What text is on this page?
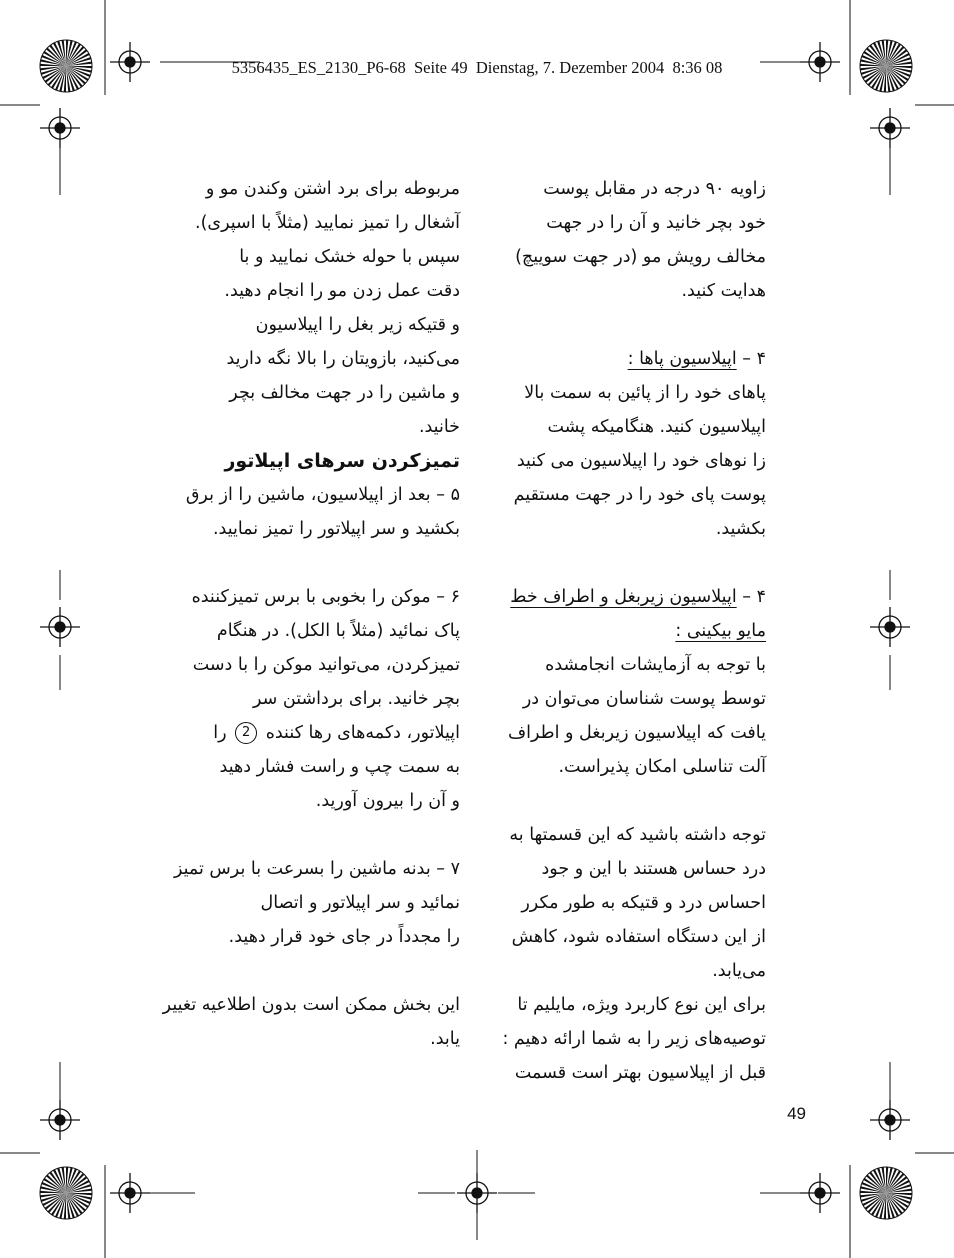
5356435_ES_2130_P6-68  Seite 49  Dienstag, 7. Dezember 2004  8:36 08

زاویه ۹۰ درجه در مقابل پوست
خود بچر خانید و آن را در جهت
مخالف رویش مو (در جهت سوییچ)
هدایت کنید.

۴ – اپیلاسیون پاها :
پاهای خود را از پائین به سمت بالا
اپیلاسیون کنید. هنگامیکه پشت
زا نوهای خود را اپیلاسیون می کنید
پوست پای خود را در جهت مستقیم
بکشید.

۴ – اپیلاسیون زیربغل و اطراف خط
مایو بیکینی :
با توجه به آزمایشات انجامشده
توسط پوست شناسان می‌توان در
یافت که اپیلاسیون زیربغل و اطراف
آلت تناسلی امکان پذیراست.

توجه داشته باشید که این قسمتها به
درد حساس هستند با این و جود
احساس درد و قتیکه به طور مکرر
از این دستگاه استفاده شود، کاهش
می‌یابد.
برای این نوع کاربرد ویژه، مایلیم تا
توصیه‌های زیر را به شما ارائه دهیم :
قبل از اپیلاسیون بهتر است قسمت

مربوطه برای برد اشتن وکندن مو و
آشغال را تمیز نمایید (مثلاً با اسپری).
سپس با حوله خشک نمایید و با
دقت عمل زدن مو را انجام دهید.
و قتیکه زیر بغل را اپیلاسیون
می‌کنید، بازویتان را بالا نگه دارید
و ماشین را در جهت مخالف بچر
خانید.

تمیزکردن سرهای اپیلاتور

۵ – بعد از اپیلاسیون، ماشین را از برق
بکشید و سر اپیلاتور را تمیز نمایید.

۶ – موکن را بخوبی با برس تمیزکننده
پاک نمائید (مثلاً با الکل). در هنگام
تمیزکردن، می‌توانید موکن را با دست
بچر خانید. برای برداشتن سر
اپیلاتور، دکمه‌های رها کننده 2 را
به سمت چپ و راست فشار دهید
و آن را بیرون آورید.

۷ – بدنه ماشین را بسرعت با برس تمیز
نمائید و سر اپیلاتور و اتصال
را مجدداً در جای خود قرار دهید.

این بخش ممکن است بدون اطلاعیه تغییر
یابد.

49
